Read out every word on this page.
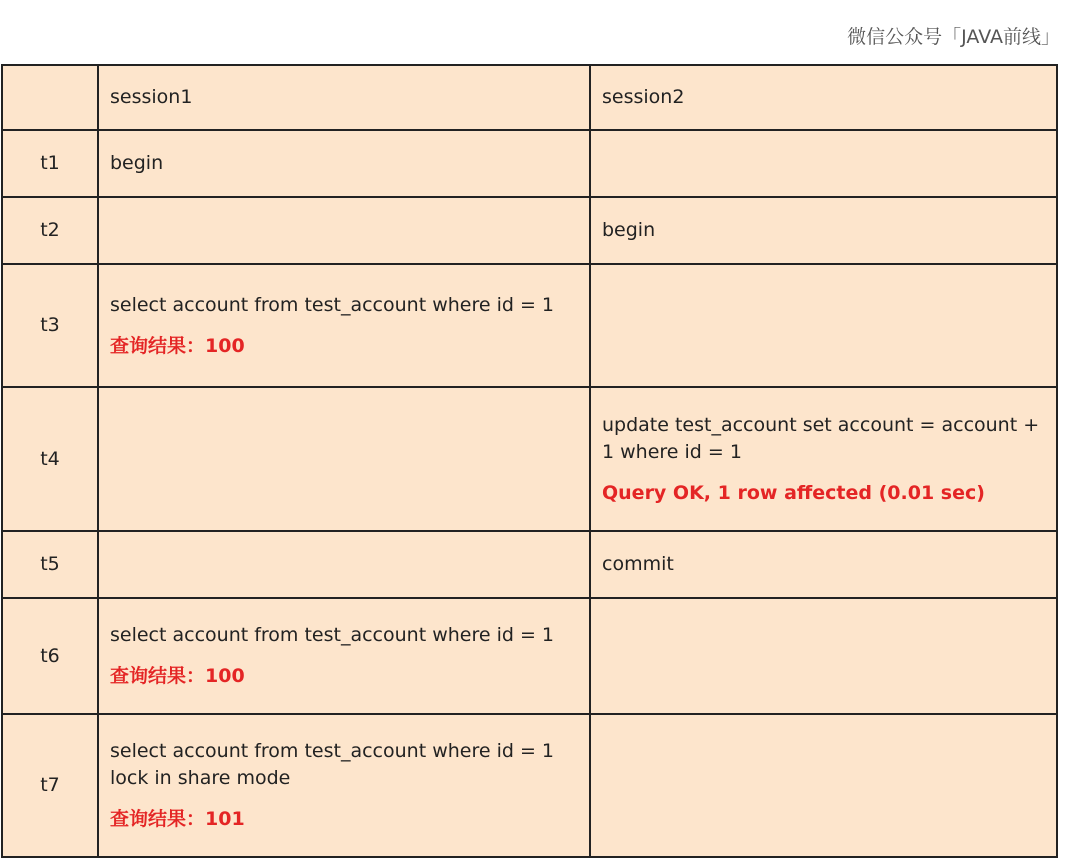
微信公众号「JAVA前线」
	session1	session2
t1	begin	

t2		begin

t3	select account from test_account where id = 1
查询结果：100	

t4		update test_account set account = account + 1 where id = 1
Query OK, 1 row affected (0.01 sec)

t5		commit

t6	select account from test_account where id = 1
查询结果：100	

t7	select account from test_account where id = 1 lock in share mode
查询结果：101	
